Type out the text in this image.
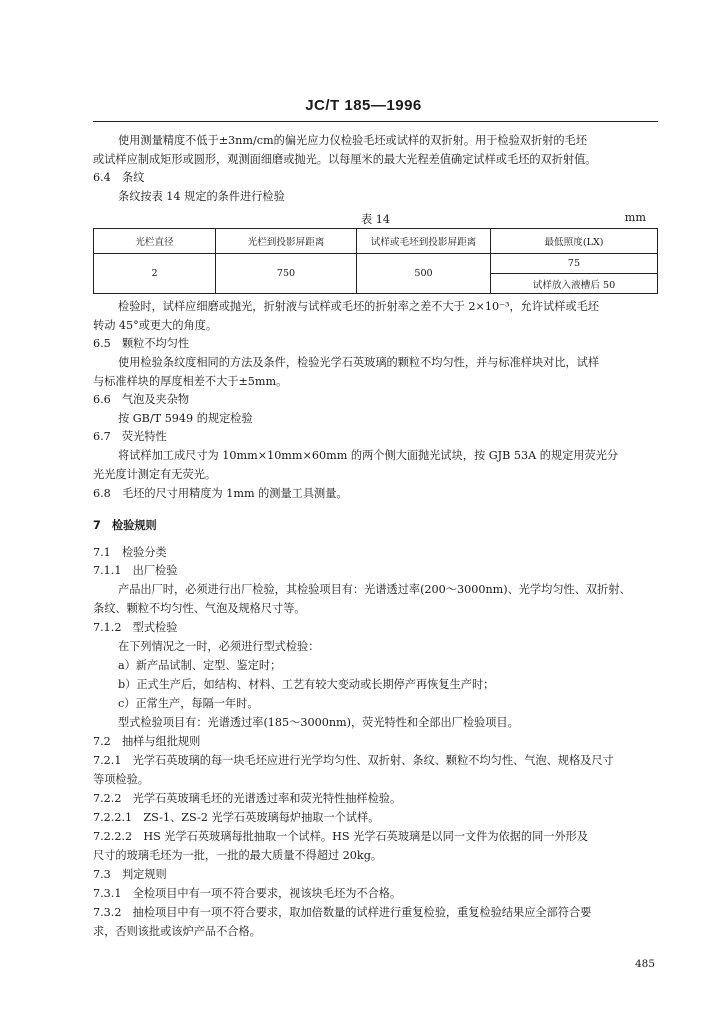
JC/T 185—1996
使用测量精度不低于±3nm/cm的偏光应力仪检验毛坯或试样的双折射。用于检验双折射的毛坯
或试样应制成矩形或圆形，观测面细磨或抛光。以每厘米的最大光程差值确定试样或毛坯的双折射值。
6.4　条纹
条纹按表 14 规定的条件进行检验
表 14	mm
光栏直径	光栏到投影屏距离	试样或毛坯到投影屏距离	最低照度(LX)
2	750	500	75
			试样放入液槽后 50
检验时，试样应细磨或抛光，折射液与试样或毛坯的折射率之差不大于 2×10⁻³，允许试样或毛坯
转动 45°或更大的角度。
6.5　颗粒不均匀性
使用检验条纹度相同的方法及条件，检验光学石英玻璃的颗粒不均匀性，并与标准样块对比，试样
与标准样块的厚度相差不大于±5mm。
6.6　气泡及夹杂物
按 GB/T 5949 的规定检验
6.7　荧光特性
将试样加工成尺寸为 10mm×10mm×60mm 的两个侧大面抛光试块，按 GJB 53A 的规定用荧光分
光光度计测定有无荧光。
6.8　毛坯的尺寸用精度为 1mm 的测量工具测量。
7　检验规则
7.1　检验分类
7.1.1　出厂检验
产品出厂时，必须进行出厂检验，其检验项目有：光谱透过率(200～3000nm)、光学均匀性、双折射、
条纹、颗粒不均匀性、气泡及规格尺寸等。
7.1.2　型式检验
在下列情况之一时，必须进行型式检验：
a）新产品试制、定型、鉴定时；
b）正式生产后，如结构、材料、工艺有较大变动或长期停产再恢复生产时；
c）正常生产，每隔一年时。
型式检验项目有：光谱透过率(185～3000nm)，荧光特性和全部出厂检验项目。
7.2　抽样与组批规则
7.2.1　光学石英玻璃的每一块毛坯应进行光学均匀性、双折射、条纹、颗粒不均匀性、气泡、规格及尺寸
等项检验。
7.2.2　光学石英玻璃毛坯的光谱透过率和荧光特性抽样检验。
7.2.2.1　ZS-1、ZS-2 光学石英玻璃每炉抽取一个试样。
7.2.2.2　HS 光学石英玻璃每批抽取一个试样。HS 光学石英玻璃是以同一文件为依据的同一外形及
尺寸的玻璃毛坯为一批，一批的最大质量不得超过 20kg。
7.3　判定规则
7.3.1　全检项目中有一项不符合要求，视该块毛坯为不合格。
7.3.2　抽检项目中有一项不符合要求，取加倍数量的试样进行重复检验，重复检验结果应全部符合要
求，否则该批或该炉产品不合格。
485
